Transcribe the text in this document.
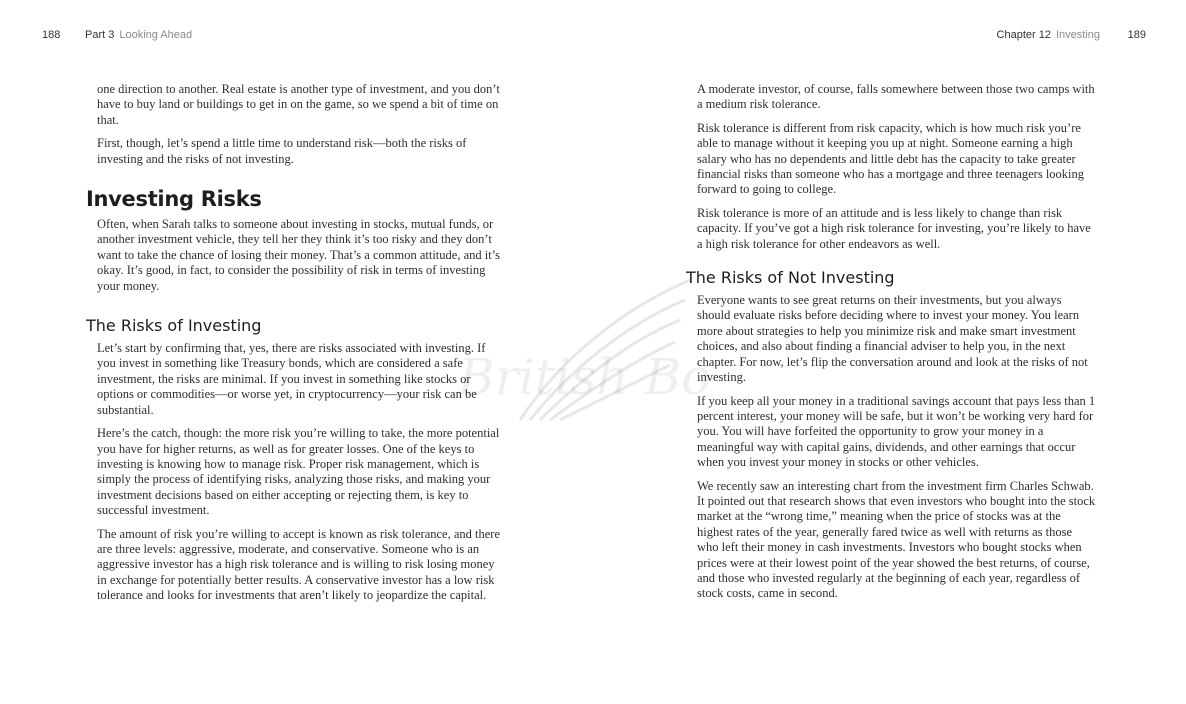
188 Part 3 Looking Ahead

one direction to another. Real estate is another type of investment, and you don’t have to buy land or buildings to get in on the game, so we spend a bit of time on that.

First, though, let’s spend a little time to understand risk—both the risks of investing and the risks of not investing.

Investing Risks

Often, when Sarah talks to someone about investing in stocks, mutual funds, or another investment vehicle, they tell her they think it’s too risky and they don’t want to take the chance of losing their money. That’s a common attitude, and it’s okay. It’s good, in fact, to consider the possibility of risk in terms of investing your money.

The Risks of Investing

Let’s start by confirming that, yes, there are risks associated with investing. If you invest in something like Treasury bonds, which are considered a safe investment, the risks are minimal. If you invest in something like stocks or options or commodities—or worse yet, in cryptocurrency—your risk can be substantial.

Here’s the catch, though: the more risk you’re willing to take, the more potential you have for higher returns, as well as for greater losses. One of the keys to investing is knowing how to manage risk. Proper risk management, which is simply the process of identifying risks, analyzing those risks, and making your investment decisions based on either accepting or rejecting them, is key to successful investment.

The amount of risk you’re willing to accept is known as risk tolerance, and there are three levels: aggressive, moderate, and conservative. Someone who is an aggressive investor has a high risk tolerance and is willing to risk losing money in exchange for potentially better results. A conservative investor has a low risk tolerance and looks for investments that aren’t likely to jeopardize the capital.

Chapter 12 Investing	189

A moderate investor, of course, falls somewhere between those two camps with a medium risk tolerance.

Risk tolerance is different from risk capacity, which is how much risk you’re able to manage without it keeping you up at night. Someone earning a high salary who has no dependents and little debt has the capacity to take greater financial risks than someone who has a mortgage and three teenagers looking forward to going to college.

Risk tolerance is more of an attitude and is less likely to change than risk capacity. If you’ve got a high risk tolerance for investing, you’re likely to have a high risk tolerance for other endeavors as well.

The Risks of Not Investing

Everyone wants to see great returns on their investments, but you always should evaluate risks before deciding where to invest your money. You learn more about strategies to help you minimize risk and make smart investment choices, and also about finding a financial adviser to help you, in the next chapter. For now, let’s flip the conversation around and look at the risks of not investing.

If you keep all your money in a traditional savings account that pays less than 1 percent interest, your money will be safe, but it won’t be working very hard for you. You will have forfeited the opportunity to grow your money in a meaningful way with capital gains, dividends, and other earnings that occur when you invest your money in stocks or other vehicles.

We recently saw an interesting chart from the investment firm Charles Schwab. It pointed out that research shows that even investors who bought into the stock market at the “wrong time,” meaning when the price of stocks was at the highest rates of the year, generally fared twice as well with returns as those who left their money in cash investments. Investors who bought stocks when prices were at their lowest point of the year showed the best returns, of course, and those who invested regularly at the beginning of each year, regardless of stock costs, came in second.

British Bo
